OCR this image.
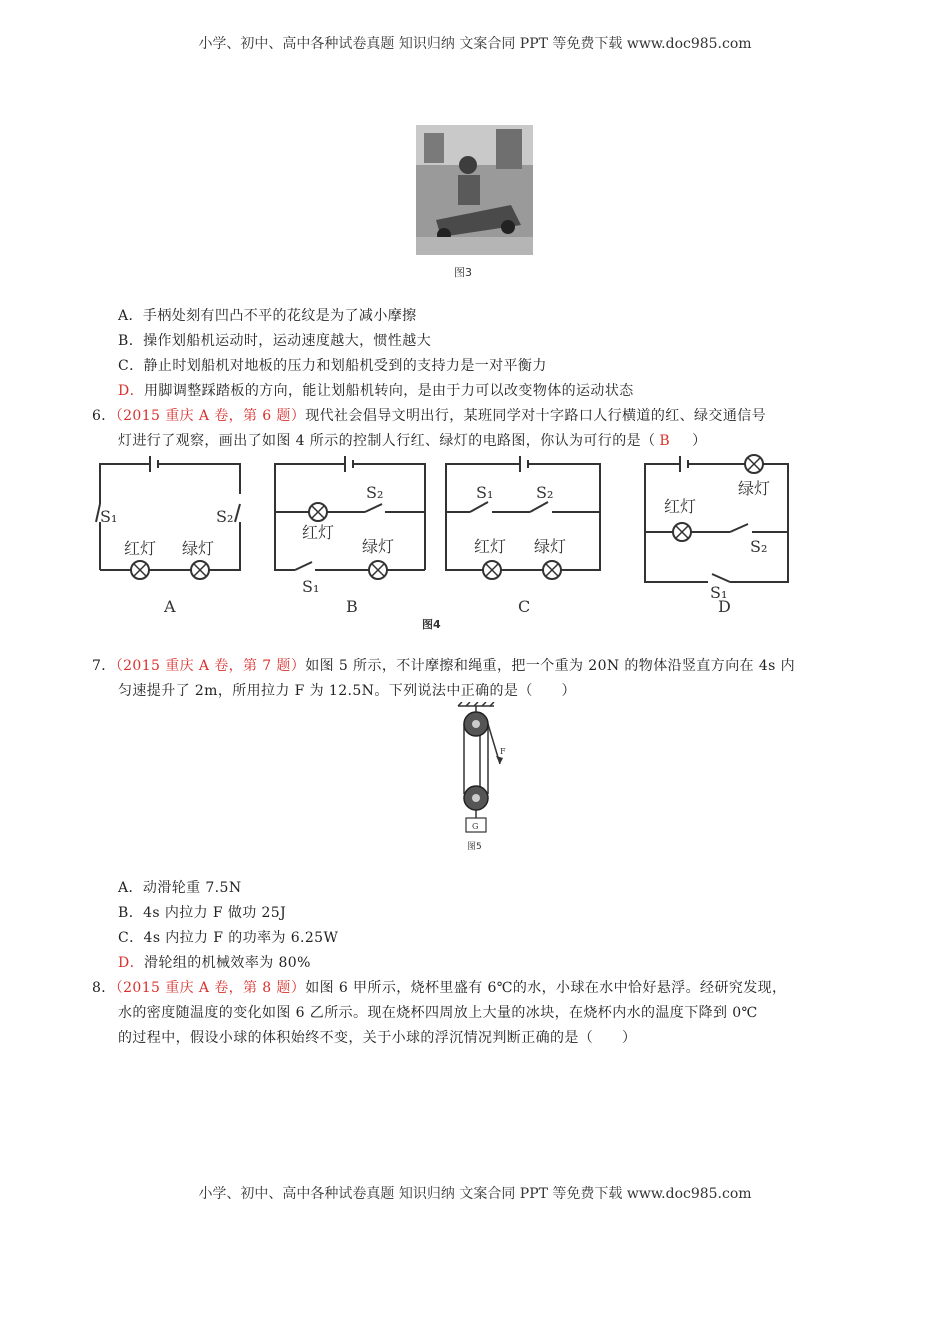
小学、初中、高中各种试卷真题 知识归纳 文案合同 PPT 等免费下载 www.doc985.com
图3
A．手柄处刻有凹凸不平的花纹是为了减小摩擦
B．操作划船机运动时，运动速度越大，惯性越大
C．静止时划船机对地板的压力和划船机受到的支持力是一对平衡力
D．用脚调整踩踏板的方向，能让划船机转向，是由于力可以改变物体的运动状态
6．（2015 重庆 A 卷，第 6 题）现代社会倡导文明出行，某班同学对十字路口人行横道的红、绿交通信号
灯进行了观察，画出了如图 4 所示的控制人行红、绿灯的电路图，你认为可行的是（ B ）
S₁	S₂
红灯 绿灯
A
S₂
红灯
绿灯
S₁
B
S₁	S₂
红灯 绿灯
C
绿灯
红灯
S₂
S₁
D
图4
7．（2015 重庆 A 卷，第 7 题）如图 5 所示，不计摩擦和绳重，把一个重为 20N 的物体沿竖直方向在 4s 内
匀速提升了 2m，所用拉力 F 为 12.5N。下列说法中正确的是（　　）
F
G
图5
A．动滑轮重 7.5N
B．4s 内拉力 F 做功 25J
C．4s 内拉力 F 的功率为 6.25W
D．滑轮组的机械效率为 80%
8．（2015 重庆 A 卷，第 8 题）如图 6 甲所示，烧杯里盛有 6℃的水，小球在水中恰好悬浮。经研究发现，
水的密度随温度的变化如图 6 乙所示。现在烧杯四周放上大量的冰块，在烧杯内水的温度下降到 0℃
的过程中，假设小球的体积始终不变，关于小球的浮沉情况判断正确的是（　　）
小学、初中、高中各种试卷真题 知识归纳 文案合同 PPT 等免费下载 www.doc985.com
